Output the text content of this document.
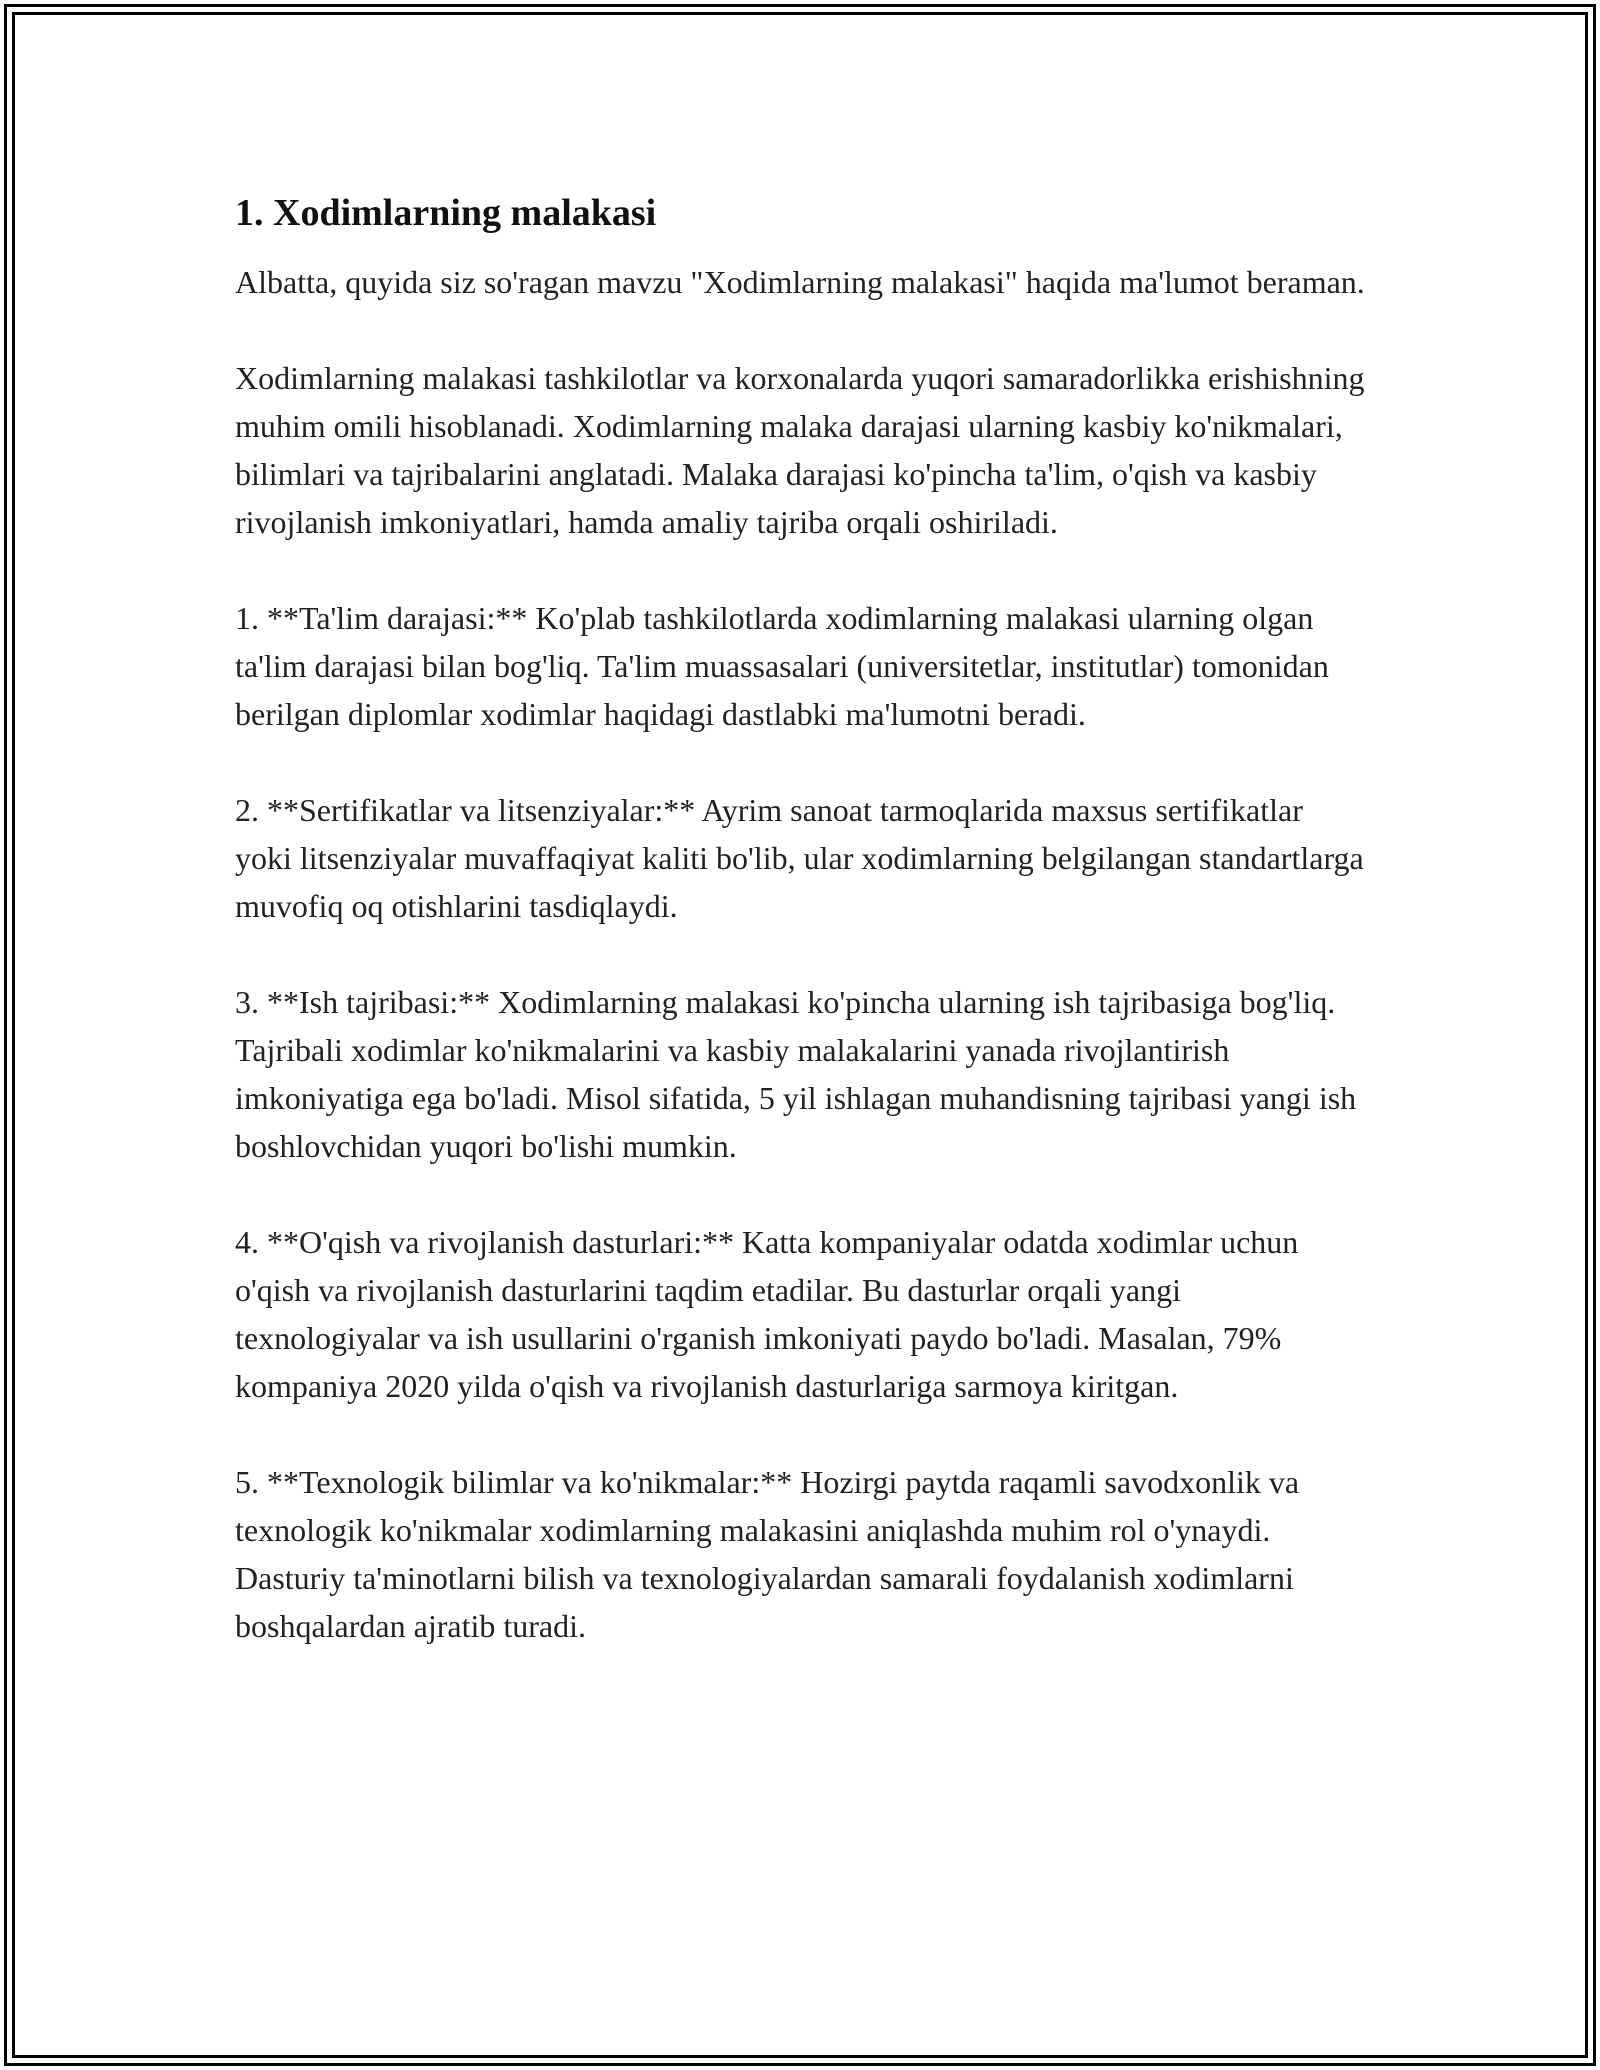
1. Xodimlarning malakasi

Albatta, quyida siz so'ragan mavzu "Xodimlarning malakasi" haqida ma'lumot beraman.

Xodimlarning malakasi tashkilotlar va korxonalarda yuqori samaradorlikka erishishning muhim omili hisoblanadi. Xodimlarning malaka darajasi ularning kasbiy ko'nikmalari, bilimlari va tajribalarini anglatadi. Malaka darajasi ko'pincha ta'lim, o'qish va kasbiy rivojlanish imkoniyatlari, hamda amaliy tajriba orqali oshiriladi.

1. **Ta'lim darajasi:** Ko'plab tashkilotlarda xodimlarning malakasi ularning olgan ta'lim darajasi bilan bog'liq. Ta'lim muassasalari (universitetlar, institutlar) tomonidan berilgan diplomlar xodimlar haqidagi dastlabki ma'lumotni beradi.

2. **Sertifikatlar va litsenziyalar:** Ayrim sanoat tarmoqlarida maxsus sertifikatlar yoki litsenziyalar muvaffaqiyat kaliti bo'lib, ular xodimlarning belgilangan standartlarga muvofiq oq otishlarini tasdiqlaydi.

3. **Ish tajribasi:** Xodimlarning malakasi ko'pincha ularning ish tajribasiga bog'liq. Tajribali xodimlar ko'nikmalarini va kasbiy malakalarini yanada rivojlantirish imkoniyatiga ega bo'ladi. Misol sifatida, 5 yil ishlagan muhandisning tajribasi yangi ish boshlovchidan yuqori bo'lishi mumkin.

4. **O'qish va rivojlanish dasturlari:** Katta kompaniyalar odatda xodimlar uchun o'qish va rivojlanish dasturlarini taqdim etadilar. Bu dasturlar orqali yangi texnologiyalar va ish usullarini o'rganish imkoniyati paydo bo'ladi. Masalan, 79% kompaniya 2020 yilda o'qish va rivojlanish dasturlariga sarmoya kiritgan.

5. **Texnologik bilimlar va ko'nikmalar:** Hozirgi paytda raqamli savodxonlik va texnologik ko'nikmalar xodimlarning malakasini aniqlashda muhim rol o'ynaydi. Dasturiy ta'minotlarni bilish va texnologiyalardan samarali foydalanish xodimlarni boshqalardan ajratib turadi.
